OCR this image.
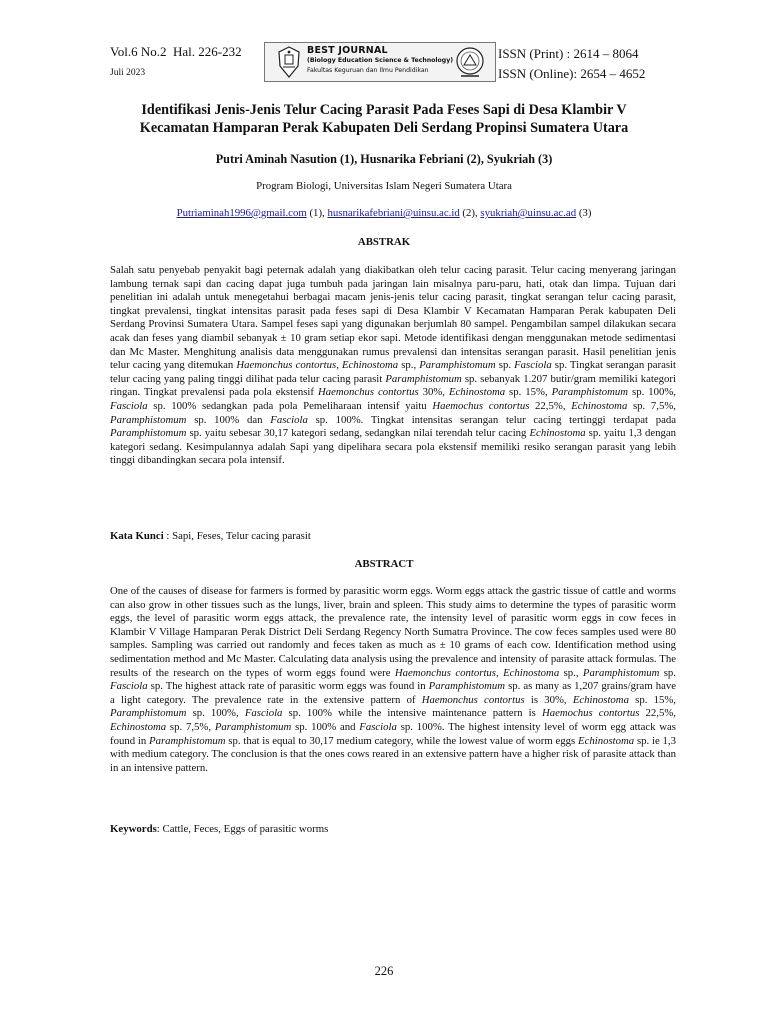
Vol.6 No.2 Hal. 226-232
Juli 2023
BEST JOURNAL
(Biology Education Science & Technology)
Fakultas Keguruan dan Ilmu Pendidikan
ISSN (Print) : 2614 – 8064
ISSN (Online): 2654 – 4652
Identifikasi Jenis-Jenis Telur Cacing Parasit Pada Feses Sapi di Desa Klambir V
Kecamatan Hamparan Perak Kabupaten Deli Serdang Propinsi Sumatera Utara
Putri Aminah Nasution (1), Husnarika Febriani (2), Syukriah (3)
Program Biologi, Universitas Islam Negeri Sumatera Utara
Putriaminah1996@gmail.com (1), husnarikafebriani@uinsu.ac.id (2), syukriah@uinsu.ac.ad (3)
ABSTRAK
Salah satu penyebab penyakit bagi peternak adalah yang diakibatkan oleh telur cacing parasit. Telur cacing menyerang jaringan lambung ternak sapi dan cacing dapat juga tumbuh pada jaringan lain misalnya paru-paru, hati, otak dan limpa. Tujuan dari penelitian ini adalah untuk menegetahui berbagai macam jenis-jenis telur cacing parasit, tingkat serangan telur cacing parasit, tingkat prevalensi, tingkat intensitas parasit pada feses sapi di Desa Klambir V Kecamatan Hamparan Perak kabupaten Deli Serdang Provinsi Sumatera Utara. Sampel feses sapi yang digunakan berjumlah 80 sampel. Pengambilan sampel dilakukan secara acak dan feses yang diambil sebanyak ± 10 gram setiap ekor sapi. Metode identifikasi dengan menggunakan metode sedimentasi dan Mc Master. Menghitung analisis data menggunakan rumus prevalensi dan intensitas serangan parasit. Hasil penelitian jenis telur cacing yang ditemukan Haemonchus contortus, Echinostoma sp., Paramphistomum sp. Fasciola sp. Tingkat serangan parasit telur cacing yang paling tinggi dilihat pada telur cacing parasit Paramphistomum sp. sebanyak 1.207 butir/gram memiliki kategori ringan. Tingkat prevalensi pada pola ekstensif Haemonchus contortus 30%, Echinostoma sp. 15%, Paramphistomum sp. 100%, Fasciola sp. 100% sedangkan pada pola Pemeliharaan intensif yaitu Haemochus contortus 22,5%, Echinostoma sp. 7,5%, Paramphistomum sp. 100% dan Fasciola sp. 100%. Tingkat intensitas serangan telur cacing tertinggi terdapat pada Paramphistomum sp. yaitu sebesar 30,17 kategori sedang, sedangkan nilai terendah telur cacing Echinostoma sp. yaitu 1,3 dengan kategori sedang. Kesimpulannya adalah Sapi yang dipelihara secara pola ekstensif memiliki resiko serangan parasit yang lebih tinggi dibandingkan secara pola intensif.
Kata Kunci : Sapi, Feses, Telur cacing parasit
ABSTRACT
One of the causes of disease for farmers is formed by parasitic worm eggs. Worm eggs attack the gastric tissue of cattle and worms can also grow in other tissues such as the lungs, liver, brain and spleen. This study aims to determine the types of parasitic worm eggs, the level of parasitic worm eggs attack, the prevalence rate, the intensity level of parasitic worm eggs in cow feces in Klambir V Village Hamparan Perak District Deli Serdang Regency North Sumatra Province. The cow feces samples used were 80 samples. Sampling was carried out randomly and feces taken as much as ± 10 grams of each cow. Identification method using sedimentation method and Mc Master. Calculating data analysis using the prevalence and intensity of parasite attack formulas. The results of the research on the types of worm eggs found were Haemonchus contortus, Echinostoma sp., Paramphistomum sp. Fasciola sp. The highest attack rate of parasitic worm eggs was found in Paramphistomum sp. as many as 1,207 grains/gram have a light category. The prevalence rate in the extensive pattern of Haemonchus contortus is 30%, Echinostoma sp. 15%, Paramphistomum sp. 100%, Fasciola sp. 100% while the intensive maintenance pattern is Haemochus contortus 22,5%, Echinostoma sp. 7,5%, Paramphistomum sp. 100% and Fasciola sp. 100%. The highest intensity level of worm egg attack was found in Paramphistomum sp. that is equal to 30,17 medium category, while the lowest value of worm eggs Echinostoma sp. ie 1,3 with medium category. The conclusion is that the ones cows reared in an extensive pattern have a higher risk of parasite attack than in an intensive pattern.
Keywords: Cattle, Feces, Eggs of parasitic worms
226
